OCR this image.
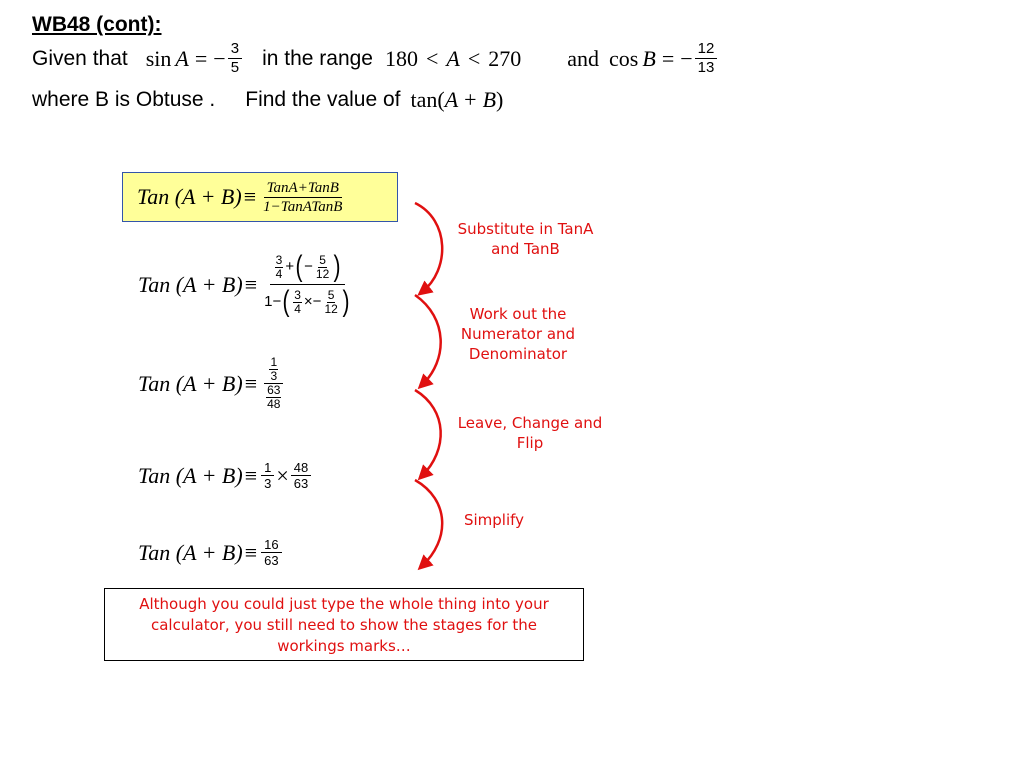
WB48 (cont):
Given that sin A = − $\frac{3}{5}$ in the range 180 < A < 270 and cos B = − $\frac{12}{13}$
where B is Obtuse . Find the value of tan( A + B )
Tan $(A + B) \equiv \frac{\text{TanA+TanB}}{\text{1−TanATanB}}$
Tan (A + B) ≡
$\frac{3}{4}$ + ( − $\frac{5}{12}$ )
1− ( $\frac{3}{4} \times- \frac{5}{12}$ )
Tan $(A + B) \equiv \frac{\frac{1}{3}}{\frac{63}{48}}$
Tan $(A + B) \equiv \frac{1}{3} \times \frac{48}{63}$
Tan $(A + B) \equiv \frac{16}{63}$
Substitute in TanA and TanB
Work out the Numerator and Denominator
Leave, Change and Flip
Simplify
Although you could just type the whole thing into your calculator, you still need to show the stages for the workings marks…
